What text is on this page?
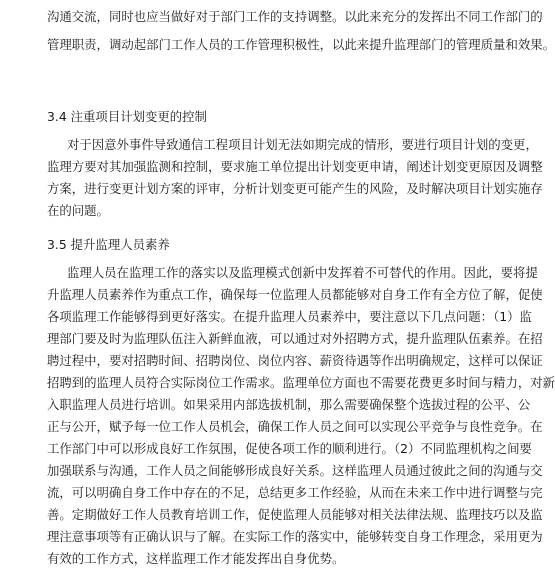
沟通交流，同时也应当做好对于部门工作的支持调整。以此来充分的发挥出不同工作部门的
管理职责，调动起部门工作人员的工作管理积极性，以此来提升监理部门的管理质量和效果。
3.4 注重项目计划变更的控制
对于因意外事件导致通信工程项目计划无法如期完成的情形，要进行项目计划的变更，
监理方要对其加强监测和控制，要求施工单位提出计划变更申请，阐述计划变更原因及调整
方案，进行变更计划方案的评审，分析计划变更可能产生的风险，及时解决项目计划实施存
在的问题。
3.5 提升监理人员素养
监理人员在监理工作的落实以及监理模式创新中发挥着不可替代的作用。因此，要将提
升监理人员素养作为重点工作，确保每一位监理人员都能够对自身工作有全方位了解，促使
各项监理工作能够得到更好落实。在提升监理人员素养中，要注意以下几点问题：（1）监
理部门要及时为监理队伍注入新鲜血液，可以通过对外招聘方式，提升监理队伍素养。在招
聘过程中，要对招聘时间、招聘岗位、岗位内容、薪资待遇等作出明确规定，这样可以保证
招聘到的监理人员符合实际岗位工作需求。监理单位方面也不需要花费更多时间与精力，对新
入职监理人员进行培训。如果采用内部选拔机制，那么需要确保整个选拔过程的公平、公
正与公开，赋予每一位工作人员机会，确保工作人员之间可以实现公平竞争与良性竞争。在
工作部门中可以形成良好工作氛围，促使各项工作的顺利进行。（2）不同监理机构之间要
加强联系与沟通，工作人员之间能够形成良好关系。这样监理人员通过彼此之间的沟通与交
流，可以明确自身工作中存在的不足，总结更多工作经验，从而在未来工作中进行调整与完
善。定期做好工作人员教育培训工作，促使监理人员能够对相关法律法规、监理技巧以及监
理注意事项等有正确认识与了解。在实际工作的落实中，能够转变自身工作理念，采用更为
有效的工作方式，这样监理工作才能发挥出自身优势。
